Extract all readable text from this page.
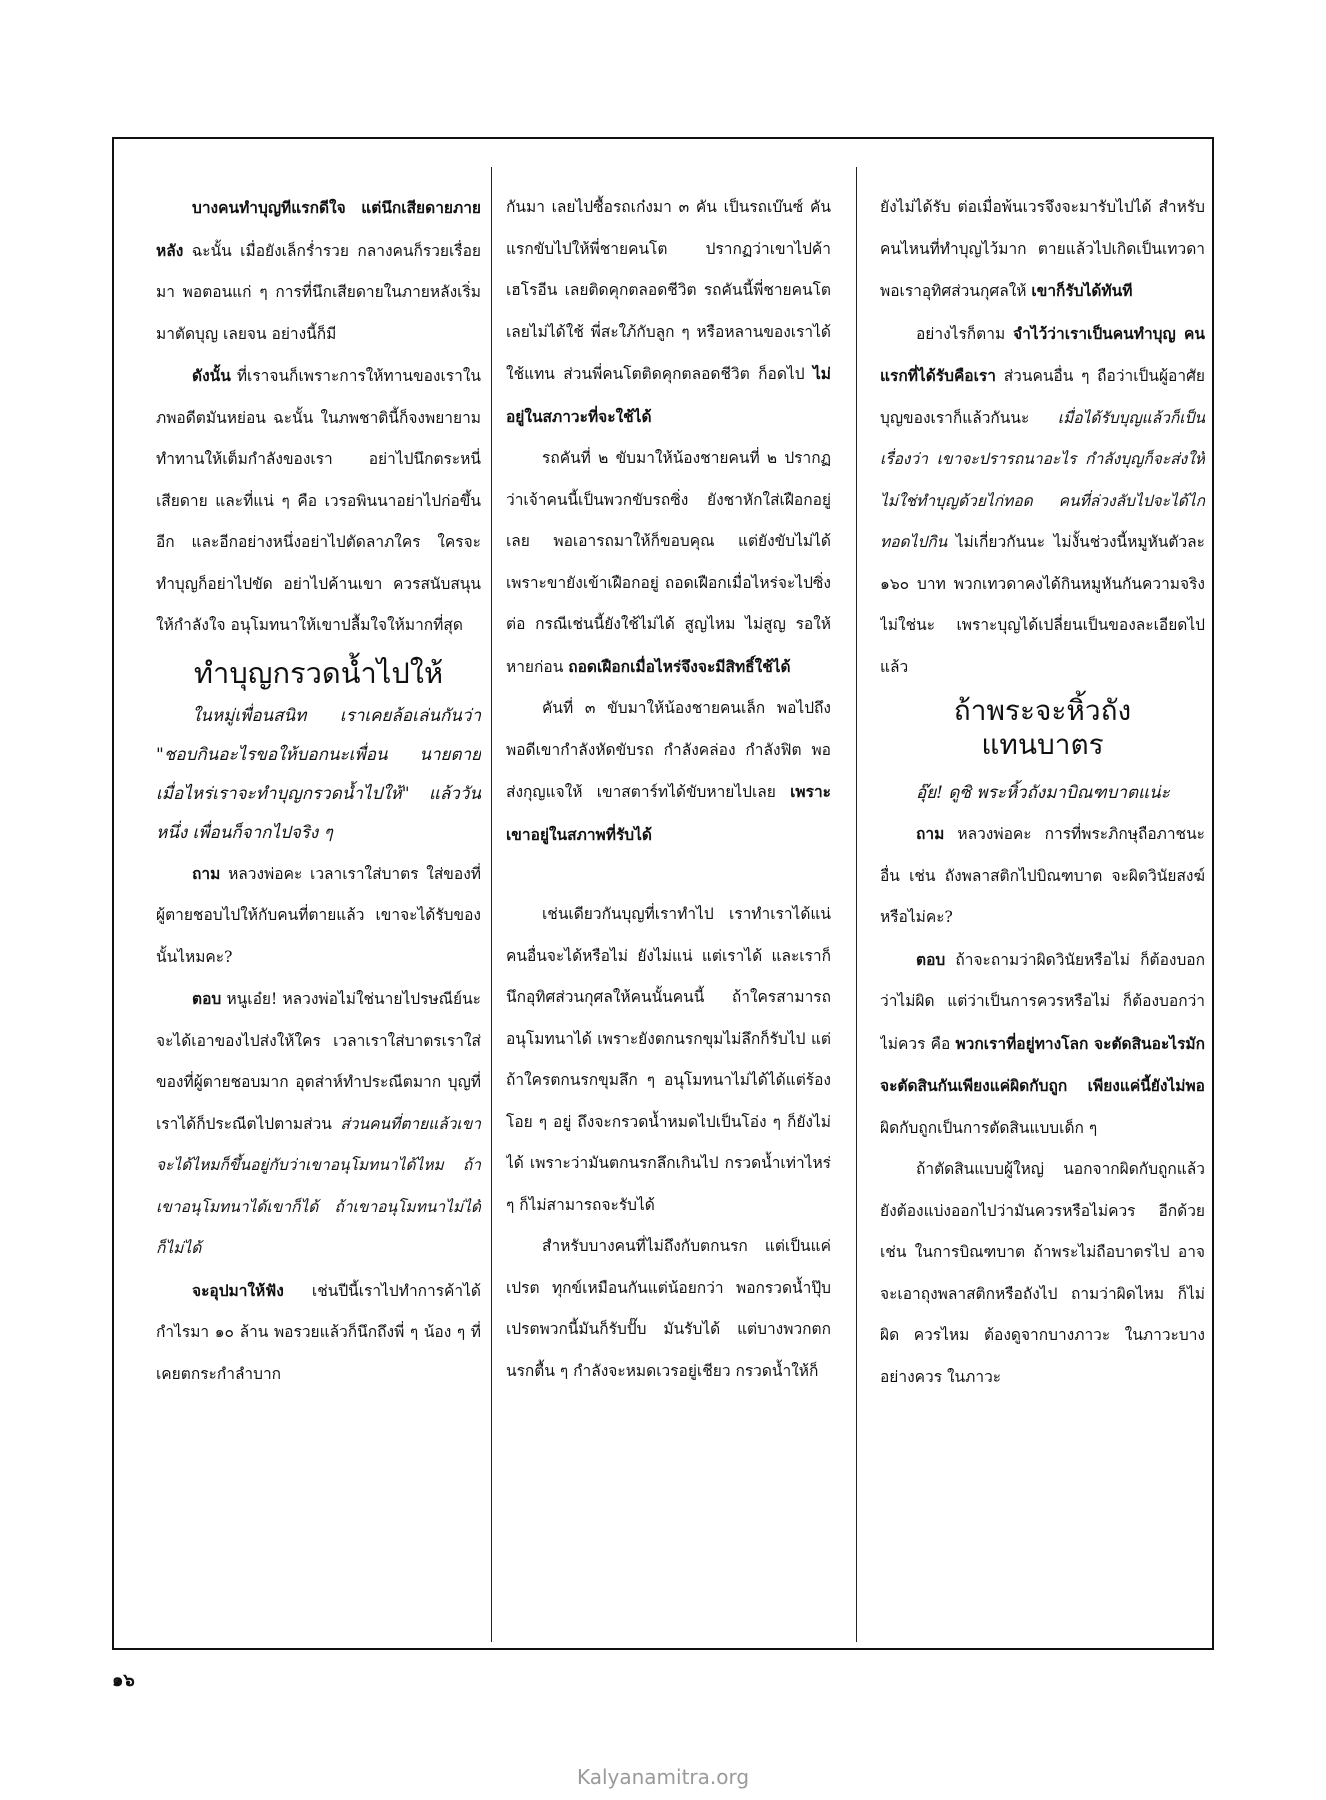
บางคนทำบุญทีแรกดีใจ แต่นึกเสียดายภายหลัง ฉะนั้น เมื่อยังเล็กร่ำรวย กลางคนก็รวยเรื่อยมา พอตอนแก่ ๆ การที่นึกเสียดายในภายหลังเริ่มมาตัดบุญ เลยจน อย่างนี้ก็มี

ดังนั้น ที่เราจนก็เพราะการให้ทานของเราในภพอดีตมันหย่อน ฉะนั้น ในภพชาตินี้ก็จงพยายามทำทานให้เต็มกำลังของเรา อย่าไปนึกตระหนี่เสียดาย และที่แน่ ๆ คือ เวรอพินนาอย่าไปก่อขึ้นอีก และอีกอย่างหนึ่งอย่าไปตัดลาภใคร ใครจะทำบุญก็อย่าไปขัด อย่าไปค้านเขา ควรสนับสนุนให้กำลังใจ อนุโมทนาให้เขาปลื้มใจให้มากที่สุด

ทำบุญกรวดน้ำไปให้

ในหมู่เพื่อนสนิท เราเคยล้อเล่นกันว่า "ชอบกินอะไรขอให้บอกนะเพื่อน นายตายเมื่อไหร่เราจะทำบุญกรวดน้ำไปให้" แล้ววันหนึ่ง เพื่อนก็จากไปจริง ๆ

ถาม หลวงพ่อคะ เวลาเราใส่บาตร ใส่ของที่ผู้ตายชอบไปให้กับคนที่ตายแล้ว เขาจะได้รับของนั้นไหมคะ?

ตอบ หนูเอ๋ย! หลวงพ่อไม่ใช่นายไปรษณีย์นะ จะได้เอาของไปส่งให้ใคร เวลาเราใส่บาตรเราใส่ของที่ผู้ตายชอบมาก อุตส่าห์ทำประณีตมาก บุญที่เราได้ก็ประณีตไปตามส่วน ส่วนคนที่ตายแล้วเขาจะได้ไหมก็ขึ้นอยู่กับว่าเขาอนุโมทนาได้ไหม ถ้าเขาอนุโมทนาได้เขาก็ได้ ถ้าเขาอนุโมทนาไม่ได้ ก็ไม่ได้

จะอุปมาให้ฟัง เช่นปีนี้เราไปทำการค้าได้กำไรมา ๑๐ ล้าน พอรวยแล้วก็นึกถึงพี่ ๆ น้อง ๆ ที่เคยตกระกำลำบาก

กันมา เลยไปซื้อรถเก๋งมา ๓ คัน เป็นรถเบ๊นซ์ คันแรกขับไปให้พี่ชายคนโต ปรากฏว่าเขาไปค้าเฮโรอีน เลยติดคุกตลอดชีวิต รถคันนี้พี่ชายคนโตเลยไม่ได้ใช้ พี่สะใภ้กับลูก ๆ หรือหลานของเราได้ใช้แทน ส่วนพี่คนโตติดคุกตลอดชีวิต ก็อดไป ไม่อยู่ในสภาวะที่จะใช้ได้

รถคันที่ ๒ ขับมาให้น้องชายคนที่ ๒ ปรากฏว่าเจ้าคนนี้เป็นพวกขับรถซิ่ง ยังชาหักใส่เฝือกอยู่เลย พอเอารถมาให้ก็ขอบคุณ แต่ยังขับไม่ได้ เพราะขายังเข้าเฝือกอยู่ ถอดเฝือกเมื่อไหร่จะไปซิ่งต่อ กรณีเช่นนี้ยังใช้ไม่ได้ สูญไหม ไม่สูญ รอให้หายก่อน ถอดเฝือกเมื่อไหร่จึงจะมีสิทธิ์ใช้ได้

คันที่ ๓ ขับมาให้น้องชายคนเล็ก พอไปถึงพอดีเขากำลังหัดขับรถ กำลังคล่อง กำลังฟิต พอส่งกุญแจให้ เขาสตาร์ทได้ขับหายไปเลย เพราะเขาอยู่ในสภาพที่รับได้

เช่นเดียวกันบุญที่เราทำไป เราทำเราได้แน่ คนอื่นจะได้หรือไม่ ยังไม่แน่ แต่เราได้ และเราก็นึกอุทิศส่วนกุศลให้คนนั้นคนนี้ ถ้าใครสามารถอนุโมทนาได้ เพราะยังตกนรกขุมไม่ลึกก็รับไป แต่ถ้าใครตกนรกขุมลึก ๆ อนุโมทนาไม่ได้ได้แต่ร้องโอย ๆ อยู่ ถึงจะกรวดน้ำหมดไปเป็นโอ่ง ๆ ก็ยังไม่ได้ เพราะว่ามันตกนรกลึกเกินไป กรวดน้ำเท่าไหร่ ๆ ก็ไม่สามารถจะรับได้

สำหรับบางคนที่ไม่ถึงกับตกนรก แต่เป็นแค่เปรต ทุกข์เหมือนกันแต่น้อยกว่า พอกรวดน้ำปุ๊บ เปรตพวกนี้มันก็รับปั๊บ มันรับได้ แต่บางพวกตกนรกตื้น ๆ กำลังจะหมดเวรอยู่เชียว กรวดน้ำให้ก็

ยังไม่ได้รับ ต่อเมื่อพ้นเวรจึงจะมารับไปได้ สำหรับคนไหนที่ทำบุญไว้มาก ตายแล้วไปเกิดเป็นเทวดา พอเราอุทิศส่วนกุศลให้ เขาก็รับได้ทันที

อย่างไรก็ตาม จำไว้ว่าเราเป็นคนทำบุญ คนแรกที่ได้รับคือเรา ส่วนคนอื่น ๆ ถือว่าเป็นผู้อาศัยบุญของเราก็แล้วกันนะ เมื่อได้รับบุญแล้วก็เป็นเรื่องว่า เขาจะปรารถนาอะไร กำลังบุญก็จะส่งให้ ไม่ใช่ทำบุญด้วยไก่ทอด คนที่ล่วงลับไปจะได้ไก่ทอดไปกิน ไม่เกี่ยวกันนะ ไม่งั้นช่วงนี้หมูหันตัวละ ๑๖๐ บาท พวกเทวดาคงได้กินหมูหันกันความจริงไม่ใช่นะ เพราะบุญได้เปลี่ยนเป็นของละเอียดไปแล้ว

ถ้าพระจะหิ้วถัง
แทนบาตร

อุ๊ย! ดูซิ พระหิ้วถังมาบิณฑบาตแน่ะ

ถาม หลวงพ่อคะ การที่พระภิกษุถือภาชนะอื่น เช่น ถังพลาสติกไปบิณฑบาต จะผิดวินัยสงฆ์หรือไม่คะ?

ตอบ ถ้าจะถามว่าผิดวินัยหรือไม่ ก็ต้องบอกว่าไม่ผิด แต่ว่าเป็นการควรหรือไม่ ก็ต้องบอกว่าไม่ควร คือ พวกเราที่อยู่ทางโลก จะตัดสินอะไรมักจะตัดสินกันเพียงแค่ผิดกับถูก เพียงแค่นี้ยังไม่พอ ผิดกับถูกเป็นการตัดสินแบบเด็ก ๆ

ถ้าตัดสินแบบผู้ใหญ่ นอกจากผิดกับถูกแล้ว ยังต้องแบ่งออกไปว่ามันควรหรือไม่ควร อีกด้วย เช่น ในการบิณฑบาต ถ้าพระไม่ถือบาตรไป อาจจะเอาถุงพลาสติกหรือถังไป ถามว่าผิดไหม ก็ไม่ผิด ควรไหม ต้องดูจากบางภาวะ ในภาวะบางอย่างควร ในภาวะ

๑๖
Kalyanamitra.org
